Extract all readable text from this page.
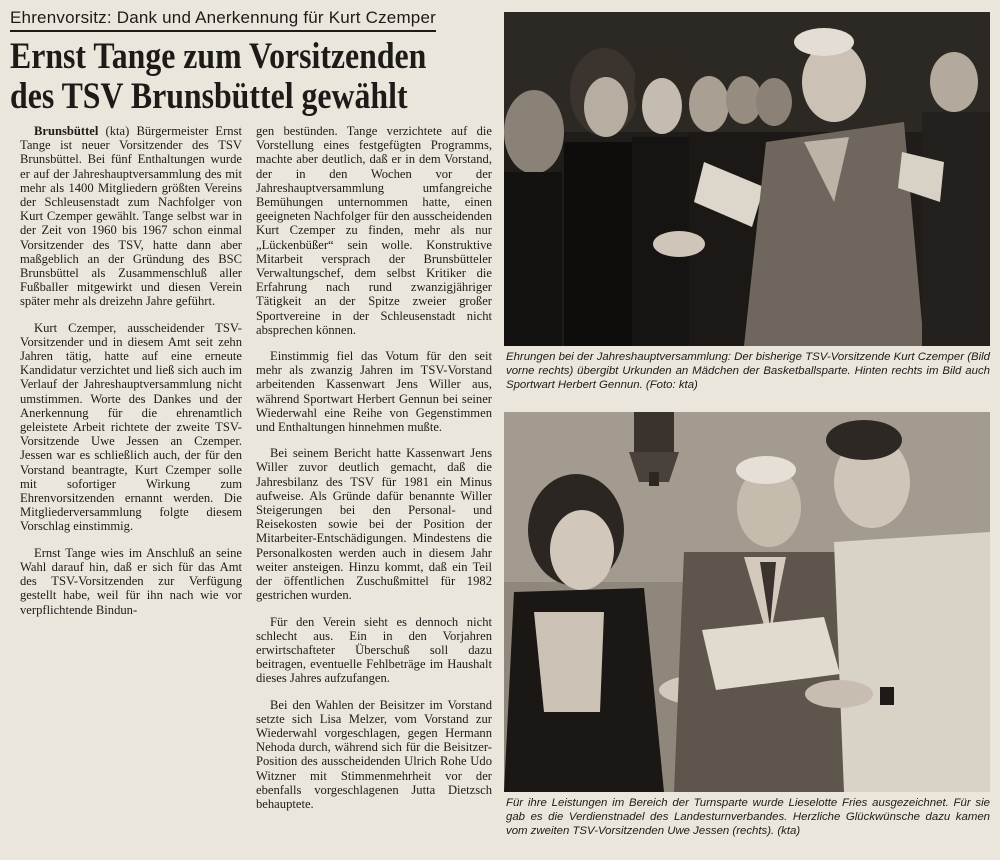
Ehrenvorsitz: Dank und Anerkennung für Kurt Czemper
Ernst Tange zum Vorsitzenden
des TSV Brunsbüttel gewählt

Brunsbüttel (kta) Bürgermeister Ernst Tange ist neuer Vorsitzender des TSV Brunsbüttel. Bei fünf Enthaltungen wurde er auf der Jahreshauptversammlung des mit mehr als 1400 Mitgliedern größten Vereins der Schleusenstadt zum Nachfolger von Kurt Czemper gewählt. Tange selbst war in der Zeit von 1960 bis 1967 schon einmal Vorsitzender des TSV, hatte dann aber maßgeblich an der Gründung des BSC Brunsbüttel als Zusammenschluß aller Fußballer mitgewirkt und diesen Verein später mehr als dreizehn Jahre geführt.

Kurt Czemper, ausscheidender TSV-Vorsitzender und in diesem Amt seit zehn Jahren tätig, hatte auf eine erneute Kandidatur verzichtet und ließ sich auch im Verlauf der Jahreshauptversammlung nicht umstimmen. Worte des Dankes und der Anerkennung für die ehrenamtlich geleistete Arbeit richtete der zweite TSV-Vorsitzende Uwe Jessen an Czemper. Jessen war es schließlich auch, der für den Vorstand beantragte, Kurt Czemper solle mit sofortiger Wirkung zum Ehrenvorsitzenden ernannt werden. Die Mitgliederversammlung folgte diesem Vorschlag einstimmig.

Ernst Tange wies im Anschluß an seine Wahl darauf hin, daß er sich für das Amt des TSV-Vorsitzenden zur Verfügung gestellt habe, weil für ihn nach wie vor verpflichtende Bindun-

gen bestünden. Tange verzichtete auf die Vorstellung eines festgefügten Programms, machte aber deutlich, daß er in dem Vorstand, der in den Wochen vor der Jahreshauptversammlung umfangreiche Bemühungen unternommen hatte, einen geeigneten Nachfolger für den ausscheidenden Kurt Czemper zu finden, mehr als nur „Lückenbüßer“ sein wolle. Konstruktive Mitarbeit versprach der Brunsbütteler Verwaltungschef, dem selbst Kritiker die Erfahrung nach rund zwanzigjähriger Tätigkeit an der Spitze zweier großer Sportvereine in der Schleusenstadt nicht absprechen können.

Einstimmig fiel das Votum für den seit mehr als zwanzig Jahren im TSV-Vorstand arbeitenden Kassenwart Jens Willer aus, während Sportwart Herbert Gennun bei seiner Wiederwahl eine Reihe von Gegenstimmen und Enthaltungen hinnehmen mußte.

Bei seinem Bericht hatte Kassenwart Jens Willer zuvor deutlich gemacht, daß die Jahresbilanz des TSV für 1981 ein Minus aufweise. Als Gründe dafür benannte Willer Steigerungen bei den Personal- und Reisekosten sowie bei der Position der Mitarbeiter-Entschädigungen. Mindestens die Personalkosten werden auch in diesem Jahr weiter ansteigen. Hinzu kommt, daß ein Teil der öffentlichen Zuschußmittel für 1982 gestrichen wurden.

Für den Verein sieht es dennoch nicht schlecht aus. Ein in den Vorjahren erwirtschafteter Überschuß soll dazu beitragen, eventuelle Fehlbeträge im Haushalt dieses Jahres aufzufangen.

Bei den Wahlen der Beisitzer im Vorstand setzte sich Lisa Melzer, vom Vorstand zur Wiederwahl vorgeschlagen, gegen Hermann Nehoda durch, während sich für die Beisitzer-Position des ausscheidenden Ulrich Rohe Udo Witzner mit Stimmenmehrheit vor der ebenfalls vorgeschlagenen Jutta Dietzsch behauptete.

Ehrungen bei der Jahreshauptversammlung: Der bisherige TSV-Vorsitzende Kurt Czemper (Bild vorne rechts) übergibt Urkunden an Mädchen der Basketballsparte. Hinten rechts im Bild auch Sportwart Herbert Gennun. (Foto: kta)

Für ihre Leistungen im Bereich der Turnsparte wurde Lieselotte Fries ausgezeichnet. Für sie gab es die Verdienstnadel des Landesturnverbandes. Herzliche Glückwünsche dazu kamen vom zweiten TSV-Vorsitzenden Uwe Jessen (rechts). (kta)
